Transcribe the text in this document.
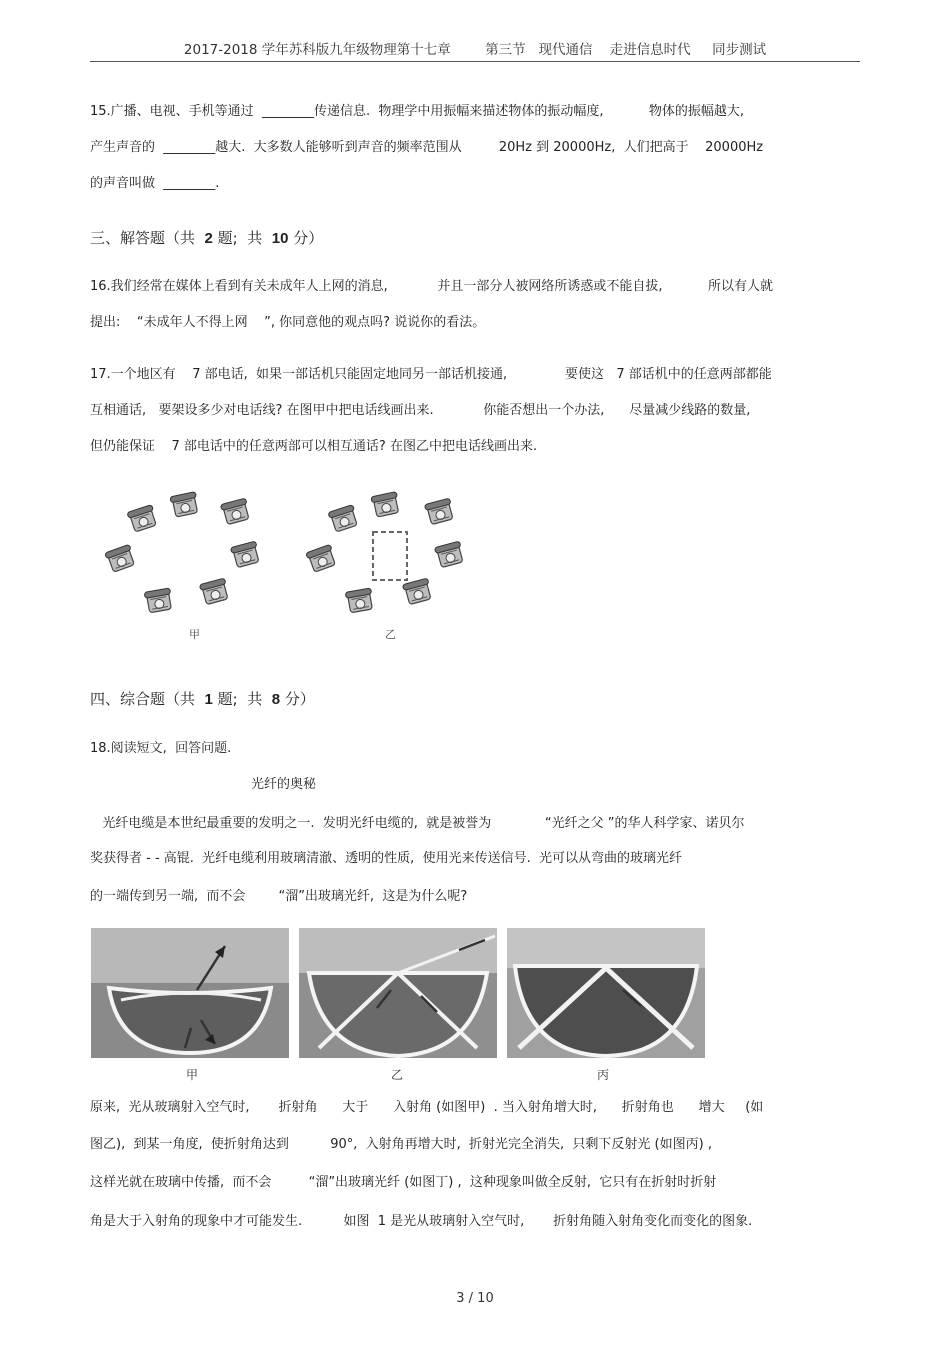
2017-2018 学年苏科版九年级物理第十七章        第三节   现代通信    走进信息时代     同步测试
15.广播、电视、手机等通过  ________传递信息.  物理学中用振幅来描述物体的振动幅度,           物体的振幅越大,
产生声音的  ________越大.  大多数人能够听到声音的频率范围从         20Hz 到 20000Hz,  人们把高于    20000Hz
的声音叫做  ________.
三、解答题（共  2 题;  共  10 分）
16.我们经常在媒体上看到有关未成年人上网的消息,            并且一部分人被网络所诱惑或不能自拔,           所以有人就
提出:    “未成年人不得上网    ”, 你同意他的观点吗? 说说你的看法。
17.一个地区有    7 部电话,  如果一部话机只能固定地同另一部话机接通,              要使这   7 部话机中的任意两部都能
互相通话,   要架设多少对电话线? 在图甲中把电话线画出来.            你能否想出一个办法,      尽量减少线路的数量,
但仍能保证    7 部电话中的任意两部可以相互通话? 在图乙中把电话线画出来.
甲	乙
四、综合题（共  1 题;  共  8 分）
18.阅读短文,  回答问题.
光纤的奥秘
光纤电缆是本世纪最重要的发明之一.  发明光纤电缆的,  就是被誉为             “光纤之父 ”的华人科学家、诺贝尔
奖获得者 - - 高锟.  光纤电缆利用玻璃清澈、透明的性质,  使用光来传送信号.  光可以从弯曲的玻璃光纤
的一端传到另一端,  而不会        “溜”出玻璃光纤,  这是为什么呢?
甲	乙	丙
原来,  光从玻璃射入空气时,       折射角      大于      入射角 (如图甲)  . 当入射角增大时,      折射角也      增大     (如
图乙),  到某一角度,  使折射角达到          90°,  入射角再增大时,  折射光完全消失,  只剩下反射光 (如图丙) ,
这样光就在玻璃中传播,  而不会         “溜”出玻璃光纤 (如图丁) ,  这种现象叫做全反射,  它只有在折射时折射
角是大于入射角的现象中才可能发生.          如图  1 是光从玻璃射入空气时,       折射角随入射角变化而变化的图象.
3 / 10
